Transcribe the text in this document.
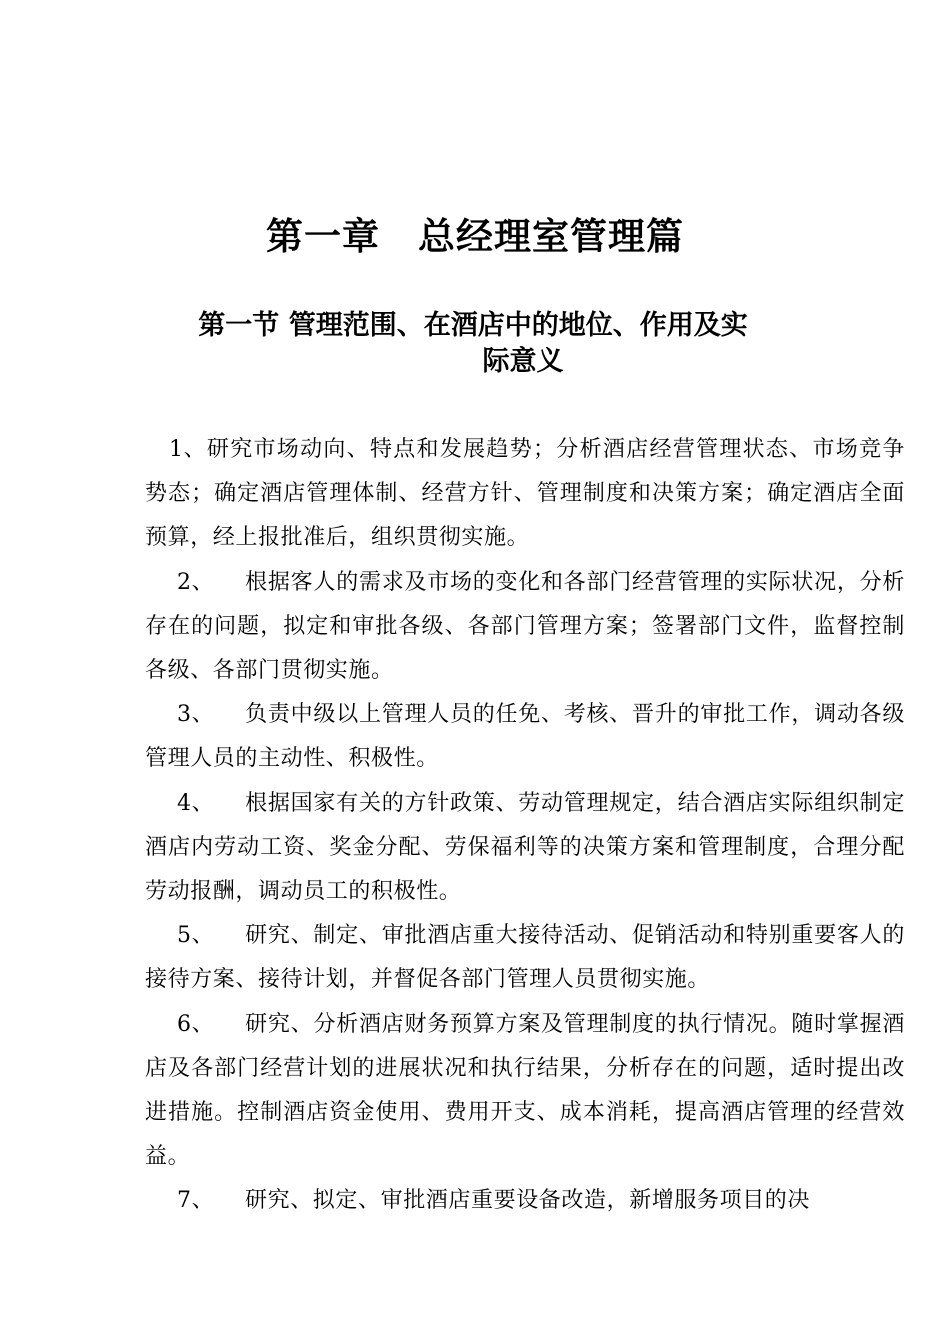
第一章　总经理室管理篇
第一节 管理范围、在酒店中的地位、作用及实
际意义

1、研究市场动向、特点和发展趋势；分析酒店经营管理状态、市场竞争势态；确定酒店管理体制、经营方针、管理制度和决策方案；确定酒店全面预算，经上报批准后，组织贯彻实施。

2、 根据客人的需求及市场的变化和各部门经营管理的实际状况，分析存在的问题，拟定和审批各级、各部门管理方案；签署部门文件，监督控制各级、各部门贯彻实施。

3、 负责中级以上管理人员的任免、考核、晋升的审批工作，调动各级管理人员的主动性、积极性。

4、 根据国家有关的方针政策、劳动管理规定，结合酒店实际组织制定酒店内劳动工资、奖金分配、劳保福利等的决策方案和管理制度，合理分配劳动报酬，调动员工的积极性。

5、 研究、制定、审批酒店重大接待活动、促销活动和特别重要客人的接待方案、接待计划，并督促各部门管理人员贯彻实施。

6、 研究、分析酒店财务预算方案及管理制度的执行情况。随时掌握酒店及各部门经营计划的进展状况和执行结果，分析存在的问题，适时提出改进措施。控制酒店资金使用、费用开支、成本消耗，提高酒店管理的经营效益。

7、 研究、拟定、审批酒店重要设备改造，新增服务项目的决
